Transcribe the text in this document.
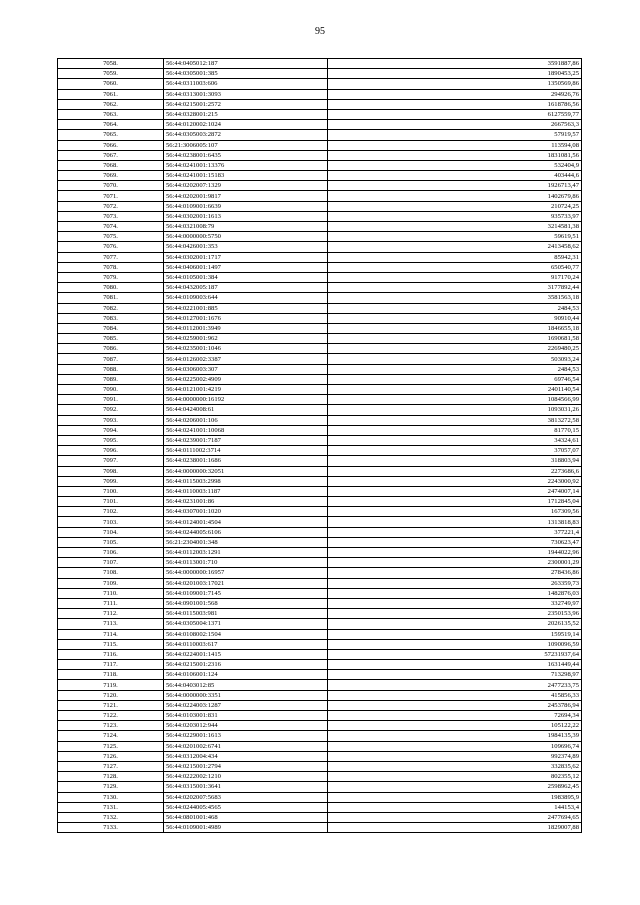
95
7058.	56:44:0405012:187	3591887,86
7059.	56:44:0305001:385	1890453,25
7060.	56:44:0311003:606	1350569,86
7061.	56:44:0313001:3093	294926,76
7062.	56:44:0215001:2572	1618786,56
7063.	56:44:0328001:215	6127559,77
7064.	56:44:0120002:1024	2667563,3
7065.	56:44:0305003:2872	57919,57
7066.	56:21:3006005:107	113594,08
7067.	56:44:0238001:6435	1831081,56
7068.	56:44:0241001:13376	532404,9
7069.	56:44:0241001:15183	403444,6
7070.	56:44:0202007:1329	1926713,47
7071.	56:44:0202001:9817	1402679,86
7072.	56:44:0109001:6639	210724,25
7073.	56:44:0302001:1613	935733,97
7074.	56:44:0321008:79	3214581,38
7075.	56:44:0000000:5750	59619,51
7076.	56:44:0426001:353	2413458,62
7077.	56:44:0302001:1717	85942,31
7078.	56:44:0406001:1497	650540,77
7079.	56:44:0105001:384	917170,24
7080.	56:44:0432005:187	3177892,44
7081.	56:44:0109003:644	3581563,18
7082.	56:44:0221001:885	2484,53
7083.	56:44:0127001:1676	90910,44
7084.	56:44:0112001:3949	1846655,18
7085.	56:44:0259001:962	1690681,58
7086.	56:44:0235001:1046	2269480,25
7087.	56:44:0126002:3387	503093,24
7088.	56:44:0306003:307	2484,53
7089.	56:44:0225002:4909	69746,54
7090.	56:44:0121001:4219	2401140,54
7091.	56:44:0000000:16192	1084566,99
7092.	56:44:0424008:61	1093031,26
7093.	56:44:0206001:106	3813272,58
7094.	56:44:0241001:10068	81770,15
7095.	56:44:0239001:7187	34324,61
7096.	56:44:0111002:3714	37057,07
7097.	56:44:0238001:1686	318803,94
7098.	56:44:0000000:32051	2273686,6
7099.	56:44:0115003:2998	2243000,92
7100.	56:44:0110003:1187	2474007,14
7101.	56:44:0231001:86	1712845,04
7102.	56:44:0307001:1020	167309,56
7103.	56:44:0124001:4504	1313818,83
7104.	56:44:0244005:6106	377221,4
7105.	56:21:2304001:348	730623,47
7106.	56:44:0112003:1291	1944022,96
7107.	56:44:0113001:710	2300001,29
7108.	56:44:0000000:16957	278436,86
7109.	56:44:0201003:17021	263359,73
7110.	56:44:0109001:7145	1482876,03
7111.	56:44:0901001:568	332749,97
7112.	56:44:0115003:981	2350153,96
7113.	56:44:0305004:1371	2026135,52
7114.	56:44:0108002:1504	159519,14
7115.	56:44:0110003:617	1090096,59
7116.	56:44:0224001:1415	57231937,64
7117.	56:44:0215001:2316	1631449,44
7118.	56:44:0106001:124	713298,97
7119.	56:44:0403012:85	2477233,75
7120.	56:44:0000000:3351	415856,33
7121.	56:44:0224003:1287	2453786,94
7122.	56:44:0103001:831	72694,34
7123.	56:44:0203012:944	105122,22
7124.	56:44:0229001:1613	1984135,39
7125.	56:44:0201002:6741	109696,74
7126.	56:44:0312004:434	992374,89
7127.	56:44:0215001:2794	332835,62
7128.	56:44:0222002:1210	802355,12
7129.	56:44:0315001:3641	2598962,45
7130.	56:44:0202007:5683	1983895,9
7131.	56:44:0244005:4565	144153,4
7132.	56:44:0801001:468	2477694,65
7133.	56:44:0109001:4989	1829007,88
